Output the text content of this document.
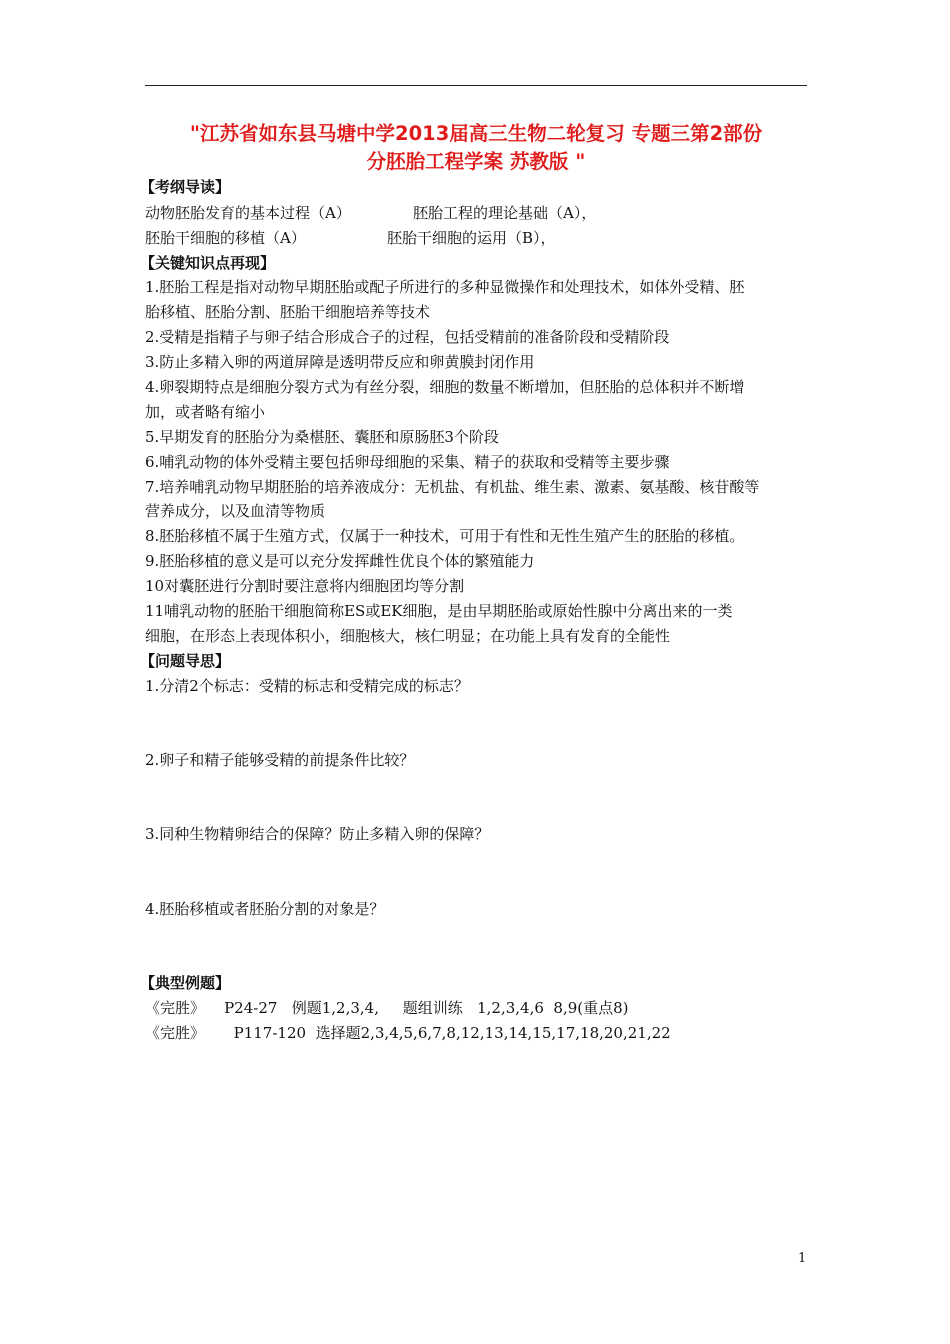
"江苏省如东县马塘中学2013届高三生物二轮复习 专题三第2部份
分胚胎工程学案 苏教版 "
【考纲导读】
动物胚胎发育的基本过程（A）	胚胎工程的理论基础（A），
胚胎干细胞的移植（A）	胚胎干细胞的运用（B），
【关键知识点再现】
1.胚胎工程是指对动物早期胚胎或配子所进行的多种显微操作和处理技术，如体外受精、胚
胎移植、胚胎分割、胚胎干细胞培养等技术
2.受精是指精子与卵子结合形成合子的过程，包括受精前的准备阶段和受精阶段
3.防止多精入卵的两道屏障是透明带反应和卵黄膜封闭作用
4.卵裂期特点是细胞分裂方式为有丝分裂，细胞的数量不断增加，但胚胎的总体积并不断增
加，或者略有缩小
5.早期发育的胚胎分为桑椹胚、囊胚和原肠胚3个阶段
6.哺乳动物的体外受精主要包括卵母细胞的采集、精子的获取和受精等主要步骤
7.培养哺乳动物早期胚胎的培养液成分：无机盐、有机盐、维生素、激素、氨基酸、核苷酸等
营养成分，以及血清等物质
8.胚胎移植不属于生殖方式，仅属于一种技术，可用于有性和无性生殖产生的胚胎的移植。
9.胚胎移植的意义是可以充分发挥雌性优良个体的繁殖能力
10对囊胚进行分割时要注意将内细胞团均等分割
11哺乳动物的胚胎干细胞简称ES或EK细胞，是由早期胚胎或原始性腺中分离出来的一类
细胞，在形态上表现体积小，细胞核大，核仁明显；在功能上具有发育的全能性
【问题导思】
1.分清2个标志：受精的标志和受精完成的标志？
2.卵子和精子能够受精的前提条件比较？
3.同种生物精卵结合的保障？防止多精入卵的保障？
4.胚胎移植或者胚胎分割的对象是？
【典型例题】
《完胜》    P24-27   例题1,2,3,4,     题组训练   1,2,3,4,6  8,9(重点8)
《完胜》      P117-120  选择题2,3,4,5,6,7,8,12,13,14,15,17,18,20,21,22
1
